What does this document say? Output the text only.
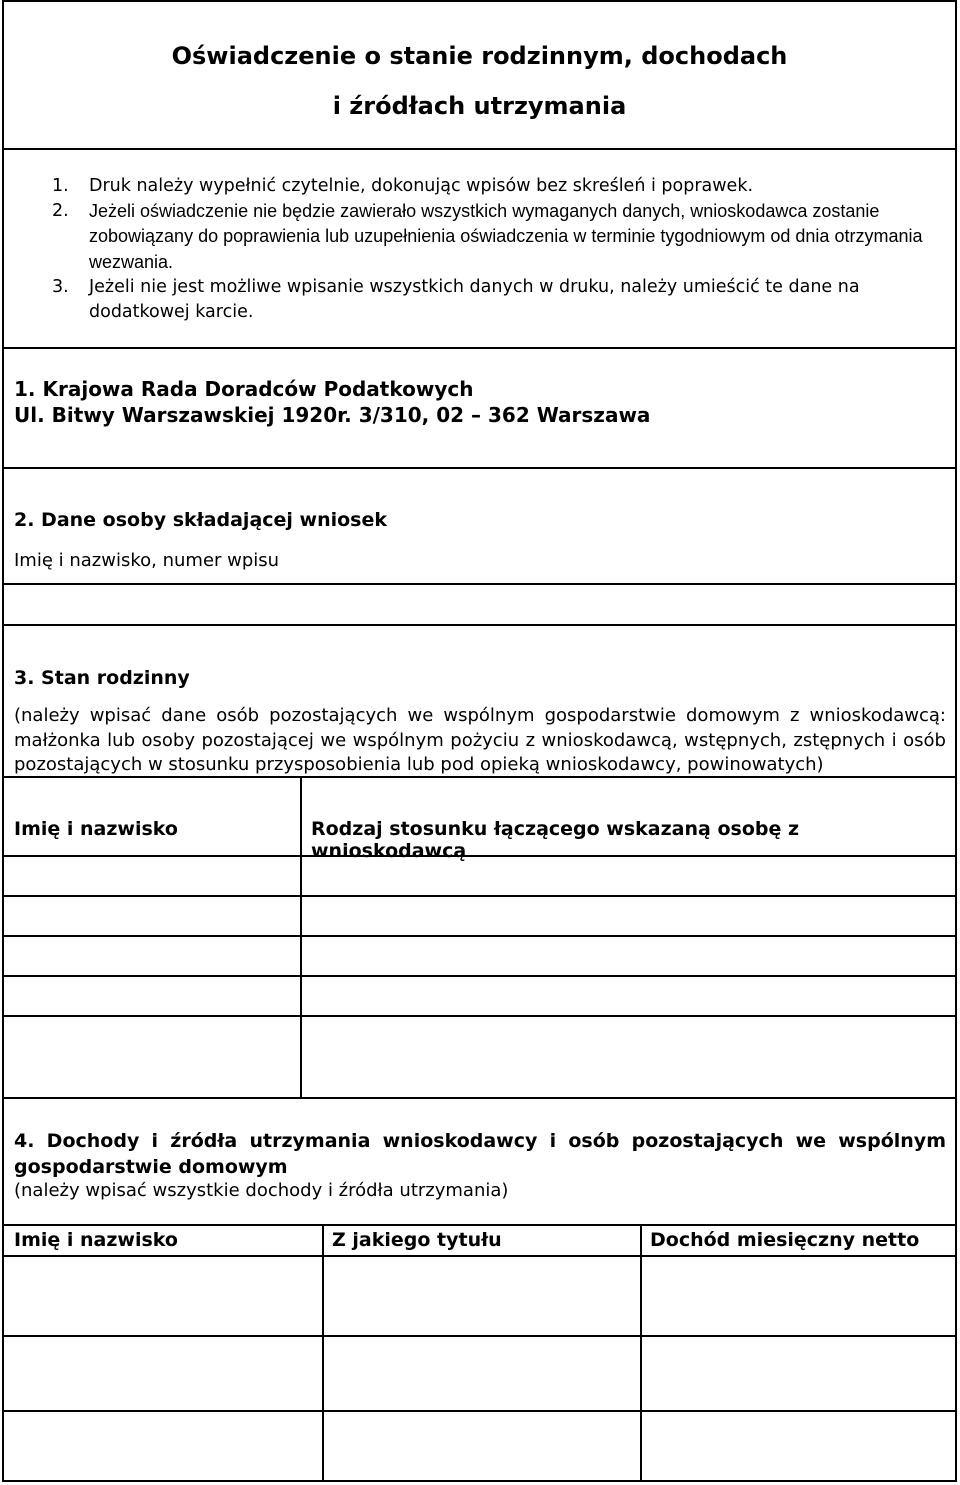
Oświadczenie o stanie rodzinnym, dochodach
i źródłach utrzymania
1. Druk należy wypełnić czytelnie, dokonując wpisów bez skreśleń i poprawek.
2. Jeżeli oświadczenie nie będzie zawierało wszystkich wymaganych danych, wnioskodawca zostanie zobowiązany do poprawienia lub uzupełnienia oświadczenia w terminie tygodniowym od dnia otrzymania wezwania.
3. Jeżeli nie jest możliwe wpisanie wszystkich danych w druku, należy umieścić te dane na dodatkowej karcie.
1. Krajowa Rada Doradców Podatkowych
Ul. Bitwy Warszawskiej 1920r. 3/310, 02 – 362 Warszawa
2. Dane osoby składającej wniosek
Imię i nazwisko, numer wpisu
3. Stan rodzinny
(należy wpisać dane osób pozostających we wspólnym gospodarstwie domowym z wnioskodawcą: małżonka lub osoby pozostającej we wspólnym pożyciu z wnioskodawcą, wstępnych, zstępnych i osób pozostających w stosunku przysposobienia lub pod opieką wnioskodawcy, powinowatych)
Imię i nazwisko	Rodzaj stosunku łączącego wskazaną osobę z wnioskodawcą
4. Dochody i źródła utrzymania wnioskodawcy i osób pozostających we wspólnym gospodarstwie domowym
(należy wpisać wszystkie dochody i źródła utrzymania)
Imię i nazwisko	Z jakiego tytułu	Dochód miesięczny netto
